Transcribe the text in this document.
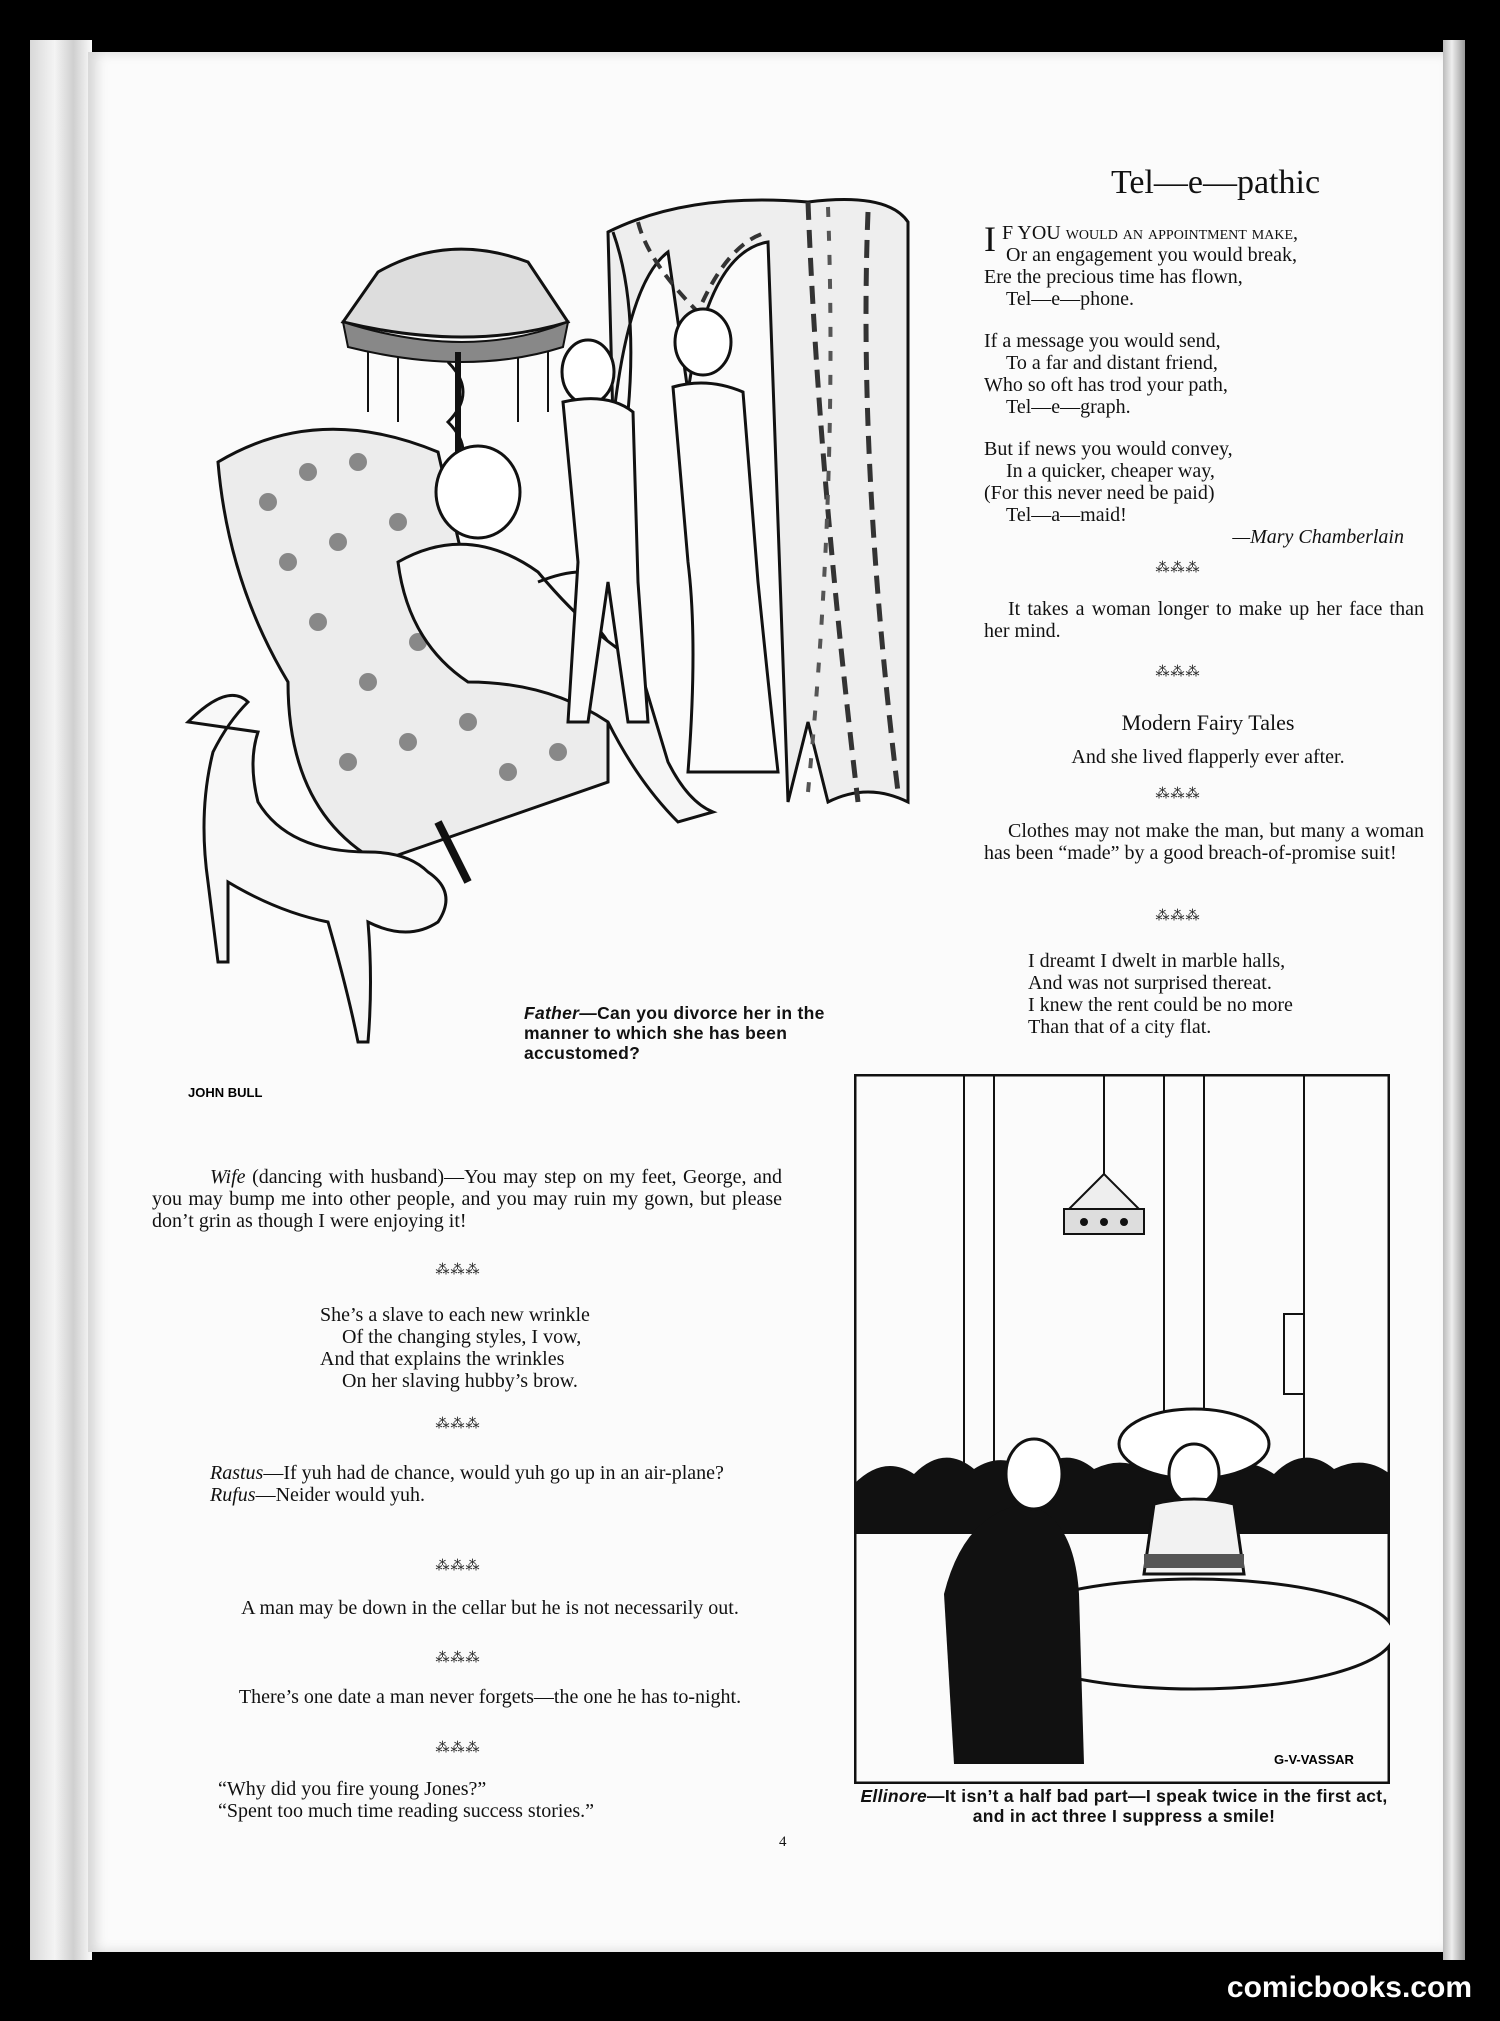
JOHN BULL
Father—Can you divorce her in the manner to which she has been accustomed?
Tel—e—pathic
I F YOU would an appointment make,
Or an engagement you would break,
Ere the precious time has flown,
Tel—e—phone.
If a message you would send,
To a far and distant friend,
Who so oft has trod your path,
Tel—e—graph.
But if news you would convey,
In a quicker, cheaper way,
(For this never need be paid)
Tel—a—maid!
—Mary Chamberlain
⁂⁂⁂
It takes a woman longer to make up her face than her mind.
⁂⁂⁂
Modern Fairy Tales
And she lived flapperly ever after.
⁂⁂⁂
Clothes may not make the man, but many a woman has been “made” by a good breach-of-promise suit!
⁂⁂⁂
I dreamt I dwelt in marble halls,
And was not surprised thereat.
I knew the rent could be no more
Than that of a city flat.
Wife (dancing with husband)—You may step on my feet, George, and you may bump me into other people, and you may ruin my gown, but please don’t grin as though I were enjoying it!
⁂⁂⁂
She’s a slave to each new wrinkle
Of the changing styles, I vow,
And that explains the wrinkles
On her slaving hubby’s brow.
⁂⁂⁂
Rastus—If yuh had de chance, would yuh go up in an air-plane?
Rufus—Neider would yuh.
⁂⁂⁂
A man may be down in the cellar but he is not necessarily out.
⁂⁂⁂
There’s one date a man never forgets—the one he has to-night.
⁂⁂⁂
“Why did you fire young Jones?”
“Spent too much time reading success stories.”
G-V-VASSAR
Ellinore—It isn’t a half bad part—I speak twice in the first act, and in act three I suppress a smile!
4
comicbooks.com
